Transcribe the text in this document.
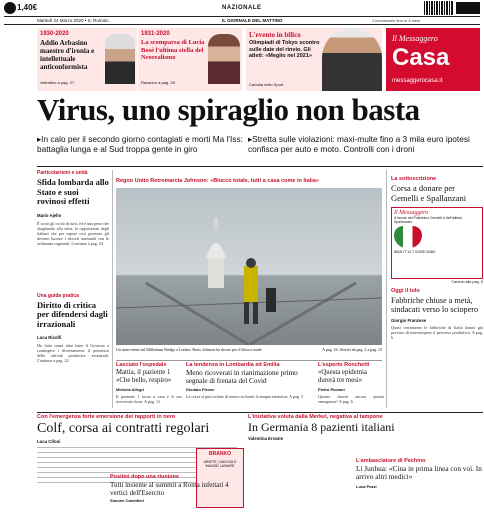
1,40€	NAZIONALE
Martedì 24 Marzo 2020 • S. Romolo	IL GIORNALE DEL MATTINO	Commissario fino in 3 mesi
1930-2020
Addio Arbasino maestro d'ironia e intellettuale anticonformista
Valentino a pag. 27
1931-2020
La scomparsa di Lucia Bosè l'ultima stella del Neorealismo
Ravarino a pag. 25
L'evento in bilico
Olimpiadi di Tokyo scontro sulle date del rinvio. Gli atleti: «Meglio nel 2021»
Carlotta nello Sport
Il Messaggero
Casa
messaggerocasa.it
Virus, uno spiraglio non basta
▸In calo per il secondo giorno contagiati e morti Ma l'Iss: battaglia lunga e al Sud troppa gente in giro
▸Stretta sulle violazioni: maxi-multe fino a 3 mila euro ipotesi confisca per auto e moto. Controlli con i droni
Particolarismi e unità
Sfida lombarda allo Stato e suoi rovinosi effetti
Mario Ajello

È sorto gli occhi di tutti, ed è una pena che sbagliando alla sfera, le opposizioni degli italiani che per sapere così prezioso gli devono lucrare i decreti nazionali con le ordinanze regionali. Continua a pag. 23

Una guida pratica
Diritto di critica per difendersi dagli irrazionali
Luca Ricolfi

Ho fatto cenni altre bene il Governo a contingere i diversamente il permesso della attività produttive essenziali. Continua a pag. 23

Regno Unito Retromarcia Johnson: «Blocco totale, tutti a casa come in Italia»
Un inserviente nel Millenium Bridge a Londra. Boris Johnson ha deciso per il blocco totale	A pag. 24. Servizi da pag. 2 a pag. 15
La sottoscrizione
Corsa a donare per Gemelli e Spallanzani
Il Messaggero
A favore del Policlinico Gemelli e dell'Istituto Spallanzani
IBAN IT 14 T 01005 03382
Carenzi alla pag. 9
Oggi il tolo
Fabbriche chiuse a metà, sindacati verso lo sciopero
Giorgio Franzese

Quasi certamente le fabbriche di Italia hanno già previsto di interrompere il percorso produttivo. A pag. 6

Lasciato l'ospedale
Mattia, il paziente 1 «Che bello, respiro»
Michela Allegri

Il paziente 1 torna a casa e il suo ricoverato fuori. A pag. 11

La tendenza in Lombardia ed Emilia
Meno ricoverati in rianimazione primo segnale di frenata del Covid
Diodato Pirone

La corsa si può evitare di tenere in fondo la terapia intensiva. A pag. 5

L'esperto Ronchetti
«Questa epidemia durerà tre mesi»
Pietro Piovani

Quanto durerà ancora questa emergenza? A pag. 6

Con l'emergenza forte emersione dei rapporti in nero
Colf, corsa ai contratti regolari
Luca Cifoni
BRANKO
ARIETE, VIAGGIA E MANGE LUNARE
Positivi dopo una riunione
Tutti insieme al summit a Roma infettati 4 vertici dell'Esercito
Simone Canettieri
L'iniziativa voluta dalla Merkel, negativa al tampone
In Germania 8 pazienti italiani
Valentina Errante
L'ambasciatore di Pechino
Li Junhua: «Cina in prima linea con voi. In arrivo altri medici»
Luca Pozzi
